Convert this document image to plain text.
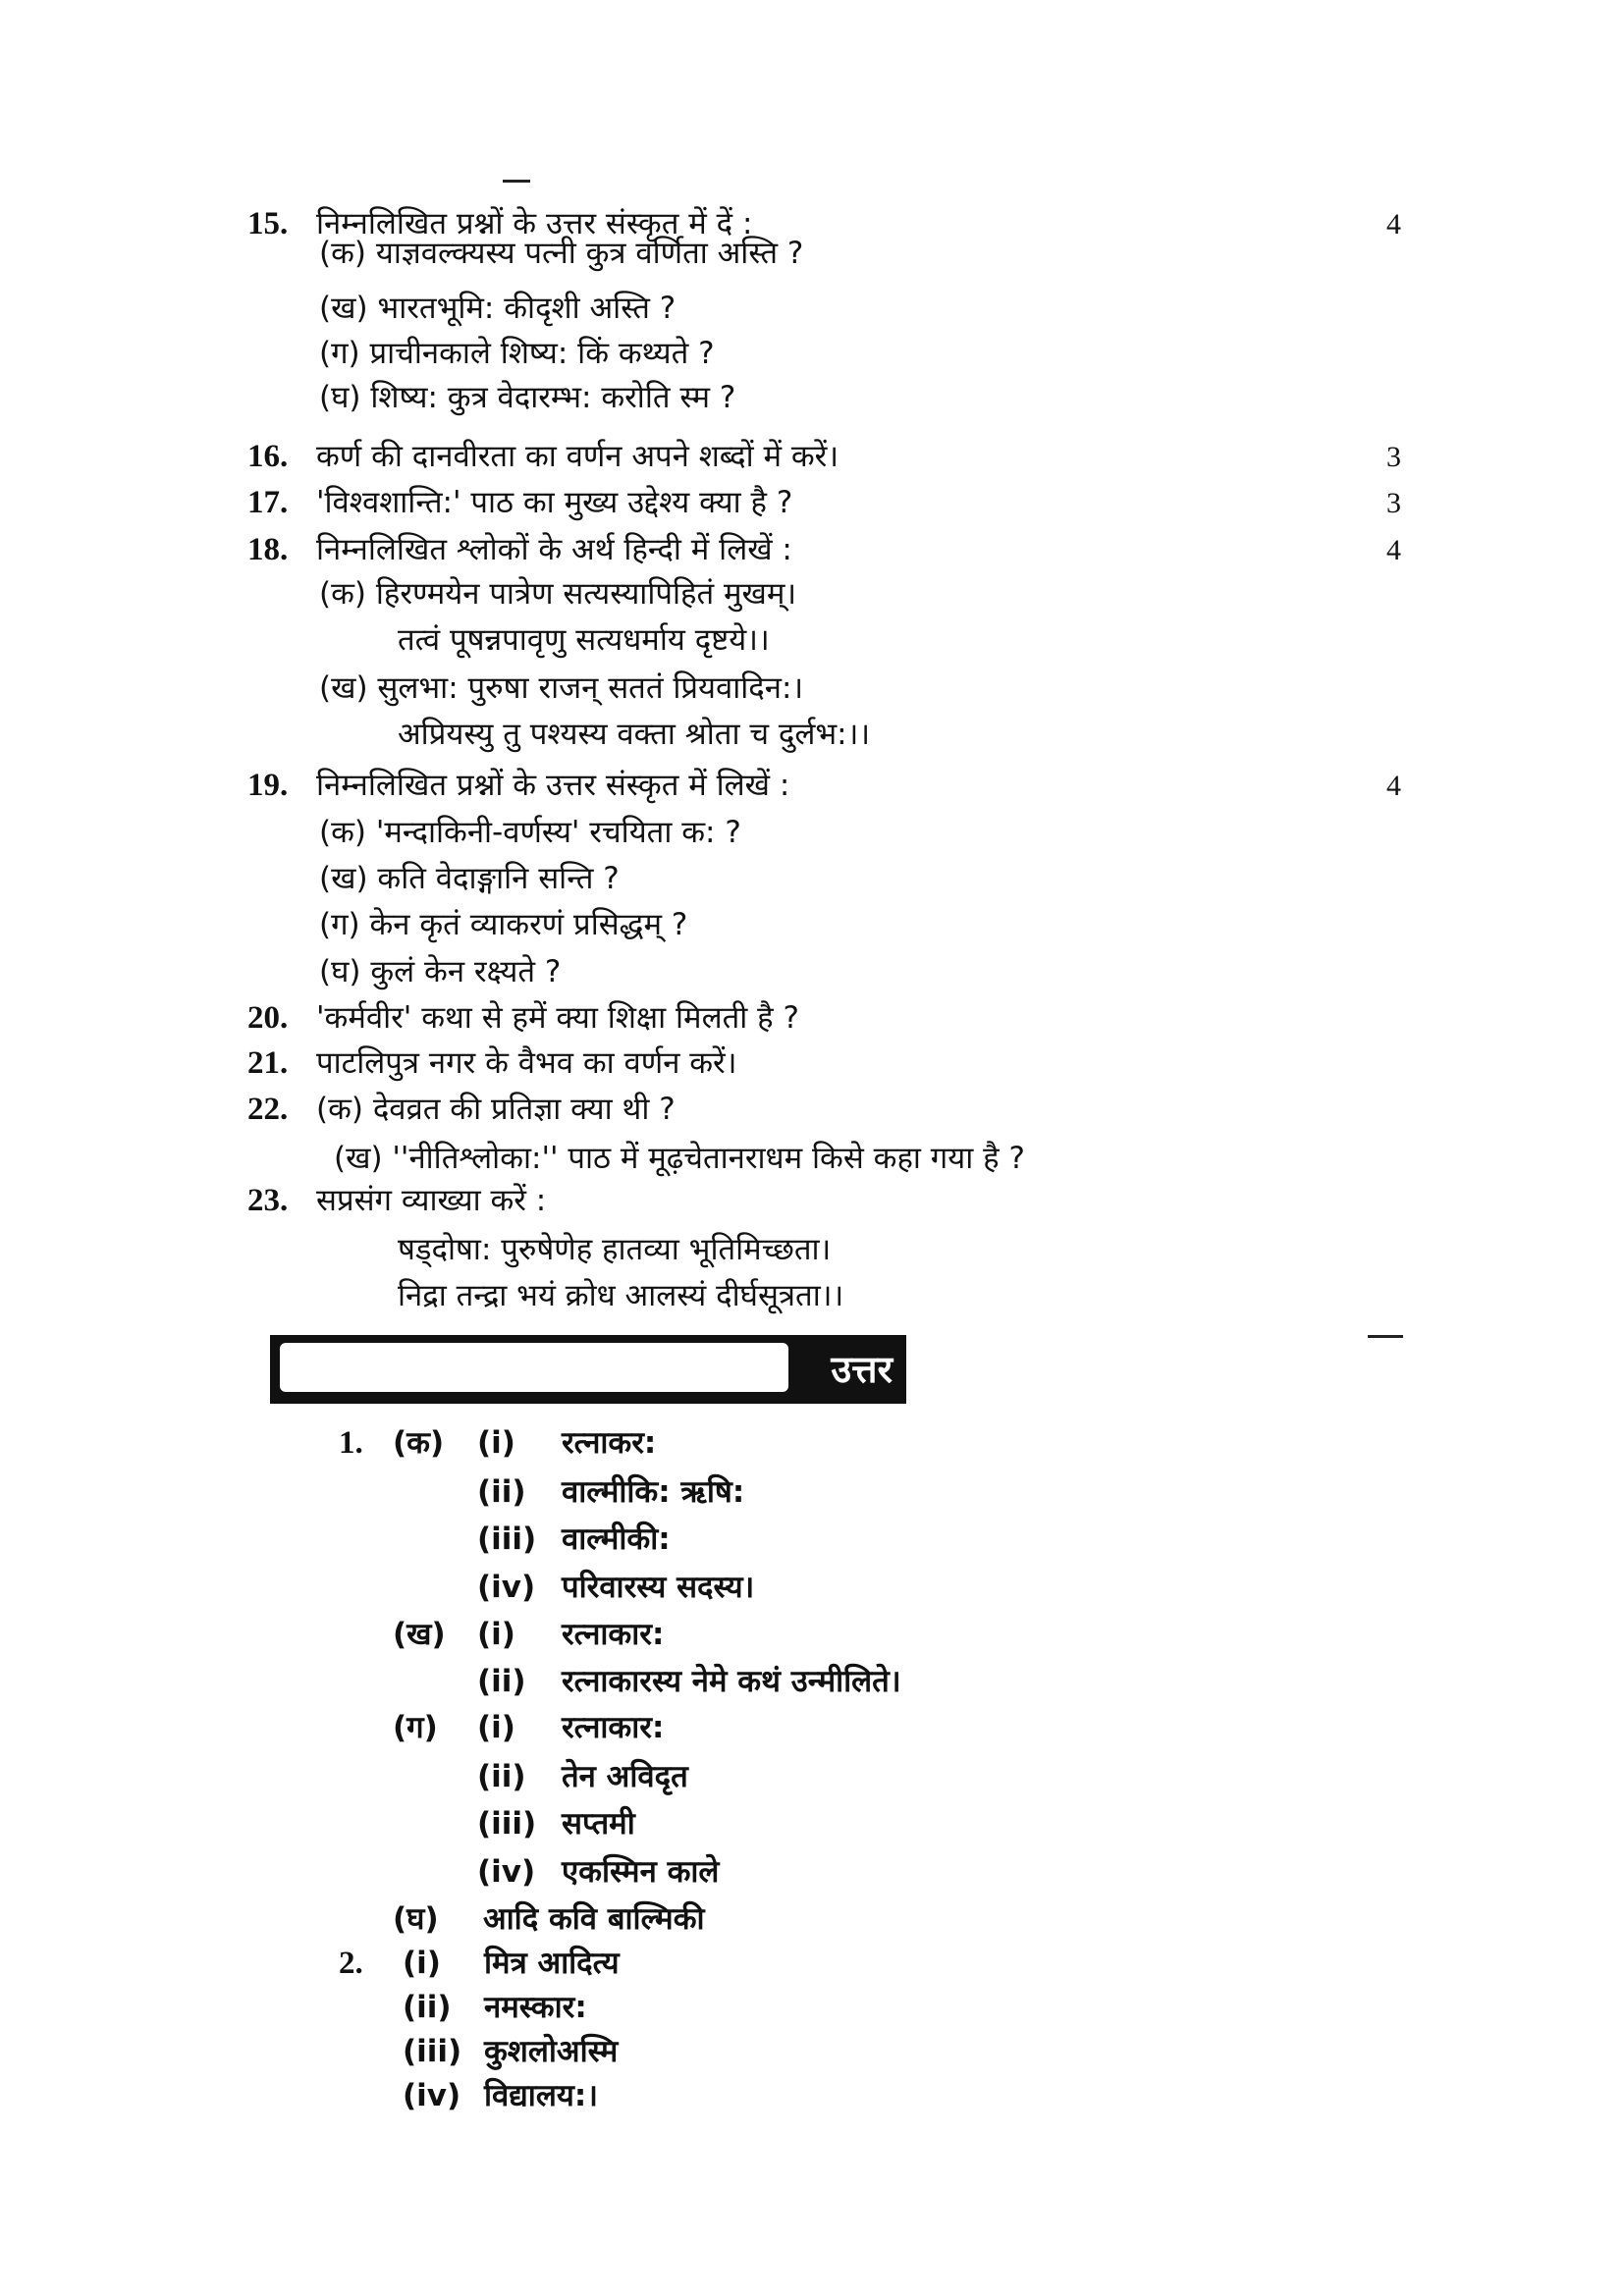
उत्तर
15. निम्नलिखित प्रश्नों के उत्तर संस्कृत में दें :	4
(क) याज्ञवल्क्यस्य पत्नी कुत्र वर्णिता अस्ति ?
(ख) भारतभूमि: कीदृशी अस्ति ?
(ग) प्राचीनकाले शिष्य: किं कथ्यते ?
(घ) शिष्य: कुत्र वेदारम्भ: करोति स्म ?
16. कर्ण की दानवीरता का वर्णन अपने शब्दों में करें।	3
17. 'विश्वशान्ति:' पाठ का मुख्य उद्देश्य क्या है ?	3
18. निम्नलिखित श्लोकों के अर्थ हिन्दी में लिखें :	4
(क) हिरण्मयेन पात्रेण सत्यस्यापिहितं मुखम्।
तत्वं पूषन्नपावृणु सत्यधर्माय दृष्टये।।
(ख) सुलभा: पुरुषा राजन् सततं प्रियवादिन:।
अप्रियस्यु तु पश्यस्य वक्ता श्रोता च दुर्लभ:।।
19. निम्नलिखित प्रश्नों के उत्तर संस्कृत में लिखें :	4
(क) 'मन्दाकिनी-वर्णस्य' रचयिता क: ?
(ख) कति वेदाङ्गानि सन्ति ?
(ग) केन कृतं व्याकरणं प्रसिद्धम् ?
(घ) कुलं केन रक्ष्यते ?
20. 'कर्मवीर' कथा से हमें क्या शिक्षा मिलती है ?
21. पाटलिपुत्र नगर के वैभव का वर्णन करें।
22. (क) देवव्रत की प्रतिज्ञा क्या थी ?
(ख) ''नीतिश्लोका:'' पाठ में मूढ़चेतानराधम किसे कहा गया है ?
23. सप्रसंग व्याख्या करें :
षड्दोषा: पुरुषेणेह हातव्या भूतिमिच्छता।
निद्रा तन्द्रा भयं क्रोध आलस्यं दीर्घसूत्रता।।
1. (क) (i) रत्नाकर:
(ii) वाल्मीकि: ऋषि:
(iii) वाल्मीकी:
(iv) परिवारस्य सदस्य।
(ख) (i) रत्नाकार:
(ii) रत्नाकारस्य नेमे कथं उन्मीलिते।
(ग) (i) रत्नाकार:
(ii) तेन अविदृत
(iii) सप्तमी
(iv) एकस्मिन काले
(घ) आदि कवि बाल्मिकी
2. (i) मित्र आदित्य
(ii) नमस्कार:
(iii) कुशलोअस्मि
(iv) विद्यालय:।
